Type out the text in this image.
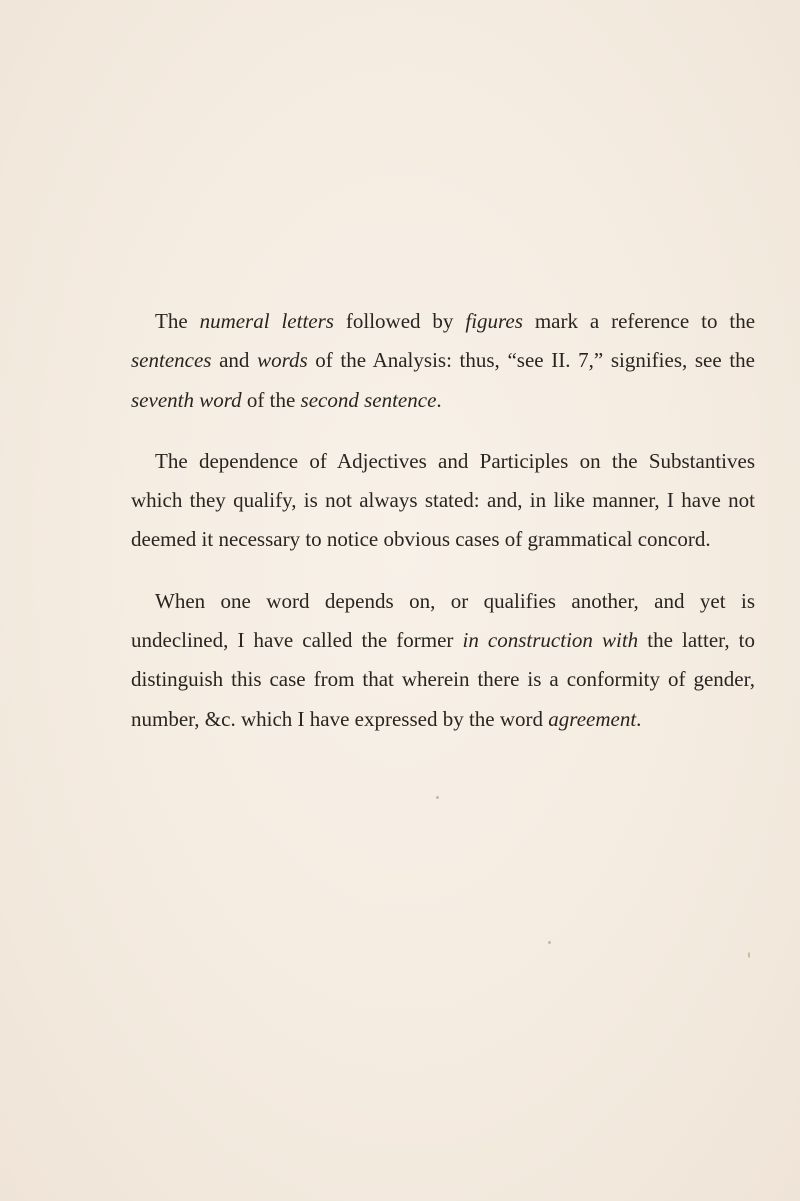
The numeral letters followed by figures mark a reference to the sentences and words of the Analysis: thus, “see II. 7,” signifies, see the seventh word of the second sentence.

The dependence of Adjectives and Participles on the Substantives which they qualify, is not always stated: and, in like manner, I have not deemed it necessary to notice obvious cases of grammatical concord.

When one word depends on, or qualifies another, and yet is undeclined, I have called the former in construction with the latter, to distinguish this case from that wherein there is a conformity of gender, number, &c. which I have expressed by the word agreement.
